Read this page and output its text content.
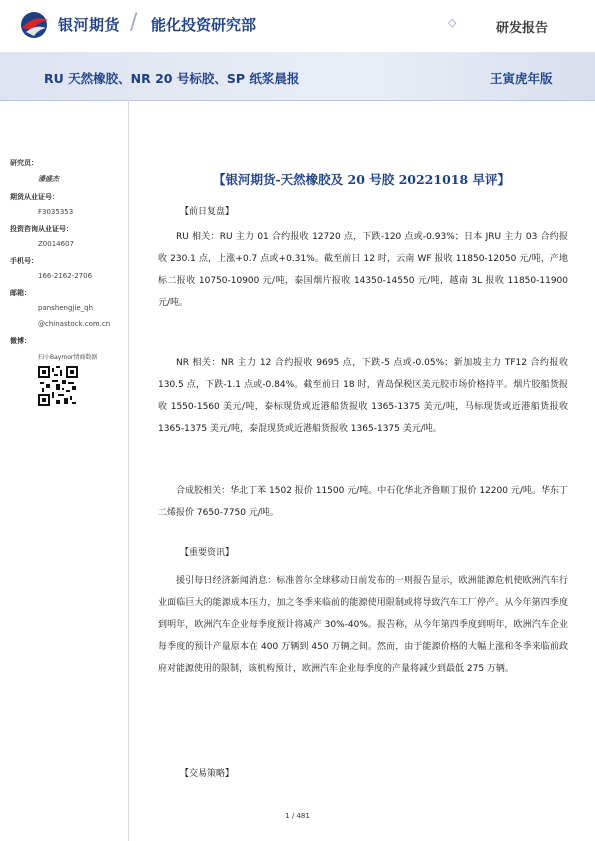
银河期货 / 能化投资研究部	◇	研发报告
RU 天然橡胶、NR 20 号标胶、SP 纸浆晨报	王寅虎年版
研究员：
潘盛杰
期货从业证号：
F3035353
投资咨询从业证号：
Z0014607
手机号：
166-2162-2706
邮箱：
panshengjie_qh
@chinastock.com.cn
微博：
扫小Baymor情商数据
【银河期货-天然橡胶及 20 号胶 20221018 早评】
【前日复盘】
RU 相关：RU 主力 01 合约报收 12720 点，下跌-120 点或-0.93%；日本 JRU 主力 03 合约报收 230.1 点，上涨+0.7 点或+0.31%。截至前日 12 时，云南 WF 报收 11850-12050 元/吨，产地标二报收 10750-10900 元/吨，泰国烟片报收 14350-14550 元/吨，越南 3L 报收 11850-11900 元/吨。
NR 相关：NR 主力 12 合约报收 9695 点，下跌-5 点或-0.05%；新加坡主力 TF12 合约报收 130.5 点，下跌-1.1 点或-0.84%。截至前日 18 时，青岛保税区美元胶市场价格持平。烟片胶船货报收 1550-1560 美元/吨，泰标现货或近港船货报收 1365-1375 美元/吨，马标现货或近港船货报收 1365-1375 美元/吨，泰混现货或近港船货报收 1365-1375 美元/吨。
合成胶相关：华北丁苯 1502 报价 11500 元/吨。中石化华北齐鲁顺丁报价 12200 元/吨。华东丁二烯报价 7650-7750 元/吨。
【重要资讯】
援引每日经济新闻消息：标准普尔全球移动日前发布的一则报告显示，欧洲能源危机使欧洲汽车行业面临巨大的能源成本压力，加之冬季来临前的能源使用限制或将导致汽车工厂停产。从今年第四季度到明年，欧洲汽车企业每季度预计将减产 30%-40%。报告称，从今年第四季度到明年，欧洲汽车企业每季度的预计产量原本在 400 万辆到 450 万辆之间。然而，由于能源价格的大幅上涨和冬季来临前政府对能源使用的限制，该机构预计，欧洲汽车企业每季度的产量将减少到最低 275 万辆。
【交易策略】
1 / 481
